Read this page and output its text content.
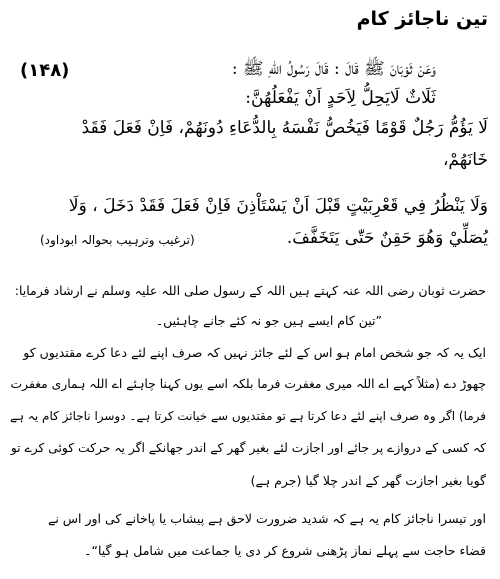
تین ناجائز کام
(۱۴۸)	وَعَنْ ثَوْبَانَ ﷺ قَالَ : قَالَ رَسُولُ اللّٰهِ ﷺ :
ثَلَاثٌ لَايَحِلُّ لِاَحَدٍ اَنْ يَفْعَلُهُنَّ:
لَا يَؤُمُّ رَجُلٌ قَوْمًا فَيَخُصُّ نَفْسَهُ بِالدُّعَاءِ دُونَهُمْ، فَاِنْ فَعَلَ فَقَدْ
خَانَهُمْ،
وَلَا يَنْظُرُ فِي قَعْرِبَيْتٍ قَبْلَ اَنْ يَسْتَاْذِنَ فَاِنْ فَعَلَ فَقَدْ دَخَلَ ، وَلَا
يُصَلِّيْ وَهُوَ حَقِنٌ حَتّٰى يَتَخَفَّفَ.
(ترغیب وترہیب بحوالہ ابوداود)
حضرت ثوبان رضی اللہ عنہ کہتے ہیں اللہ کے رسول صلی اللہ علیہ وسلم نے ارشاد فرمایا:
”تین کام ایسے ہیں جو نہ کئے جانے چاہئیں۔
ایک یہ کہ جو شخص امام ہو اس کے لئے جائز نہیں کہ صرف اپنے لئے دعا کرے مقتدیوں کو
چھوڑ دے (مثلاً کہے اے اللہ میری مغفرت فرما بلکہ اسے یوں کہنا چاہئے اے اللہ ہماری مغفرت
فرما) اگر وہ صرف اپنے لئے دعا کرتا ہے تو مقتدیوں سے خیانت کرتا ہے۔ دوسرا ناجائز کام یہ ہے
کہ کسی کے دروازے پر جائے اور اجازت لئے بغیر گھر کے اندر جھانکے اگر یہ حرکت کوئی کرے تو
گویا بغیر اجازت گھر کے اندر چلا گیا (جرم ہے)
اور تیسرا ناجائز کام یہ ہے کہ شدید ضرورت لاحق ہے پیشاب یا پاخانے کی اور اس نے
قضاء حاجت سے پہلے نماز پڑھنی شروع کر دی یا جماعت میں شامل ہو گیا“۔
